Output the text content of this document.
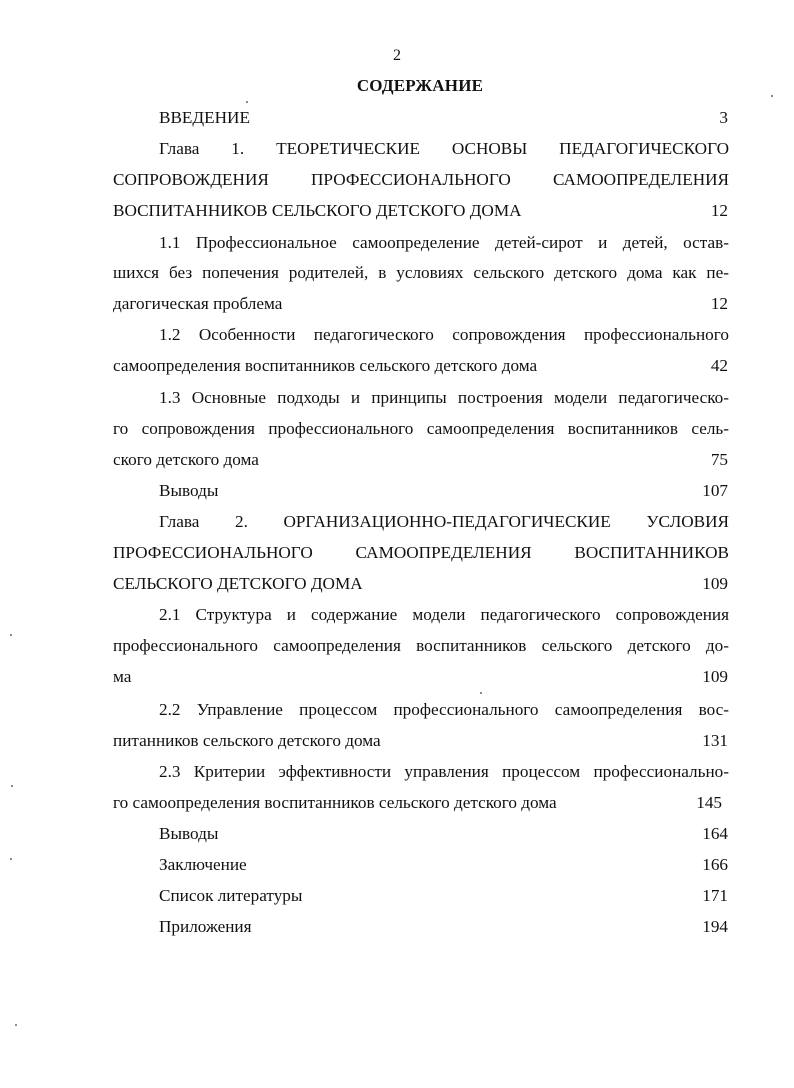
2
СОДЕРЖАНИЕ
ВВЕДЕНИЕ	3
Глава 1. ТЕОРЕТИЧЕСКИЕ ОСНОВЫ ПЕДАГОГИЧЕСКОГО
СОПРОВОЖДЕНИЯ ПРОФЕССИОНАЛЬНОГО САМООПРЕДЕЛЕНИЯ
ВОСПИТАННИКОВ СЕЛЬСКОГО ДЕТСКОГО ДОМА	12
1.1 Профессиональное самоопределение детей-сирот и детей, остав-
шихся без попечения родителей, в условиях сельского детского дома как пе-
дагогическая проблема	12
1.2 Особенности педагогического сопровождения профессионального
самоопределения воспитанников сельского детского дома	42
1.3 Основные подходы и принципы построения модели педагогическо-
го сопровождения профессионального самоопределения воспитанников сель-
ского детского дома	75
Выводы	107
Глава 2. ОРГАНИЗАЦИОННО-ПЕДАГОГИЧЕСКИЕ УСЛОВИЯ
ПРОФЕССИОНАЛЬНОГО САМООПРЕДЕЛЕНИЯ ВОСПИТАННИКОВ
СЕЛЬСКОГО ДЕТСКОГО ДОМА	109
2.1 Структура и содержание модели педагогического сопровождения
профессионального самоопределения воспитанников сельского детского до-
ма	109
2.2 Управление процессом профессионального самоопределения вос-
питанников сельского детского дома	131
2.3 Критерии эффективности управления процессом профессионально-
го самоопределения воспитанников сельского детского дома	145
Выводы	164
Заключение	166
Список литературы	171
Приложения	194
